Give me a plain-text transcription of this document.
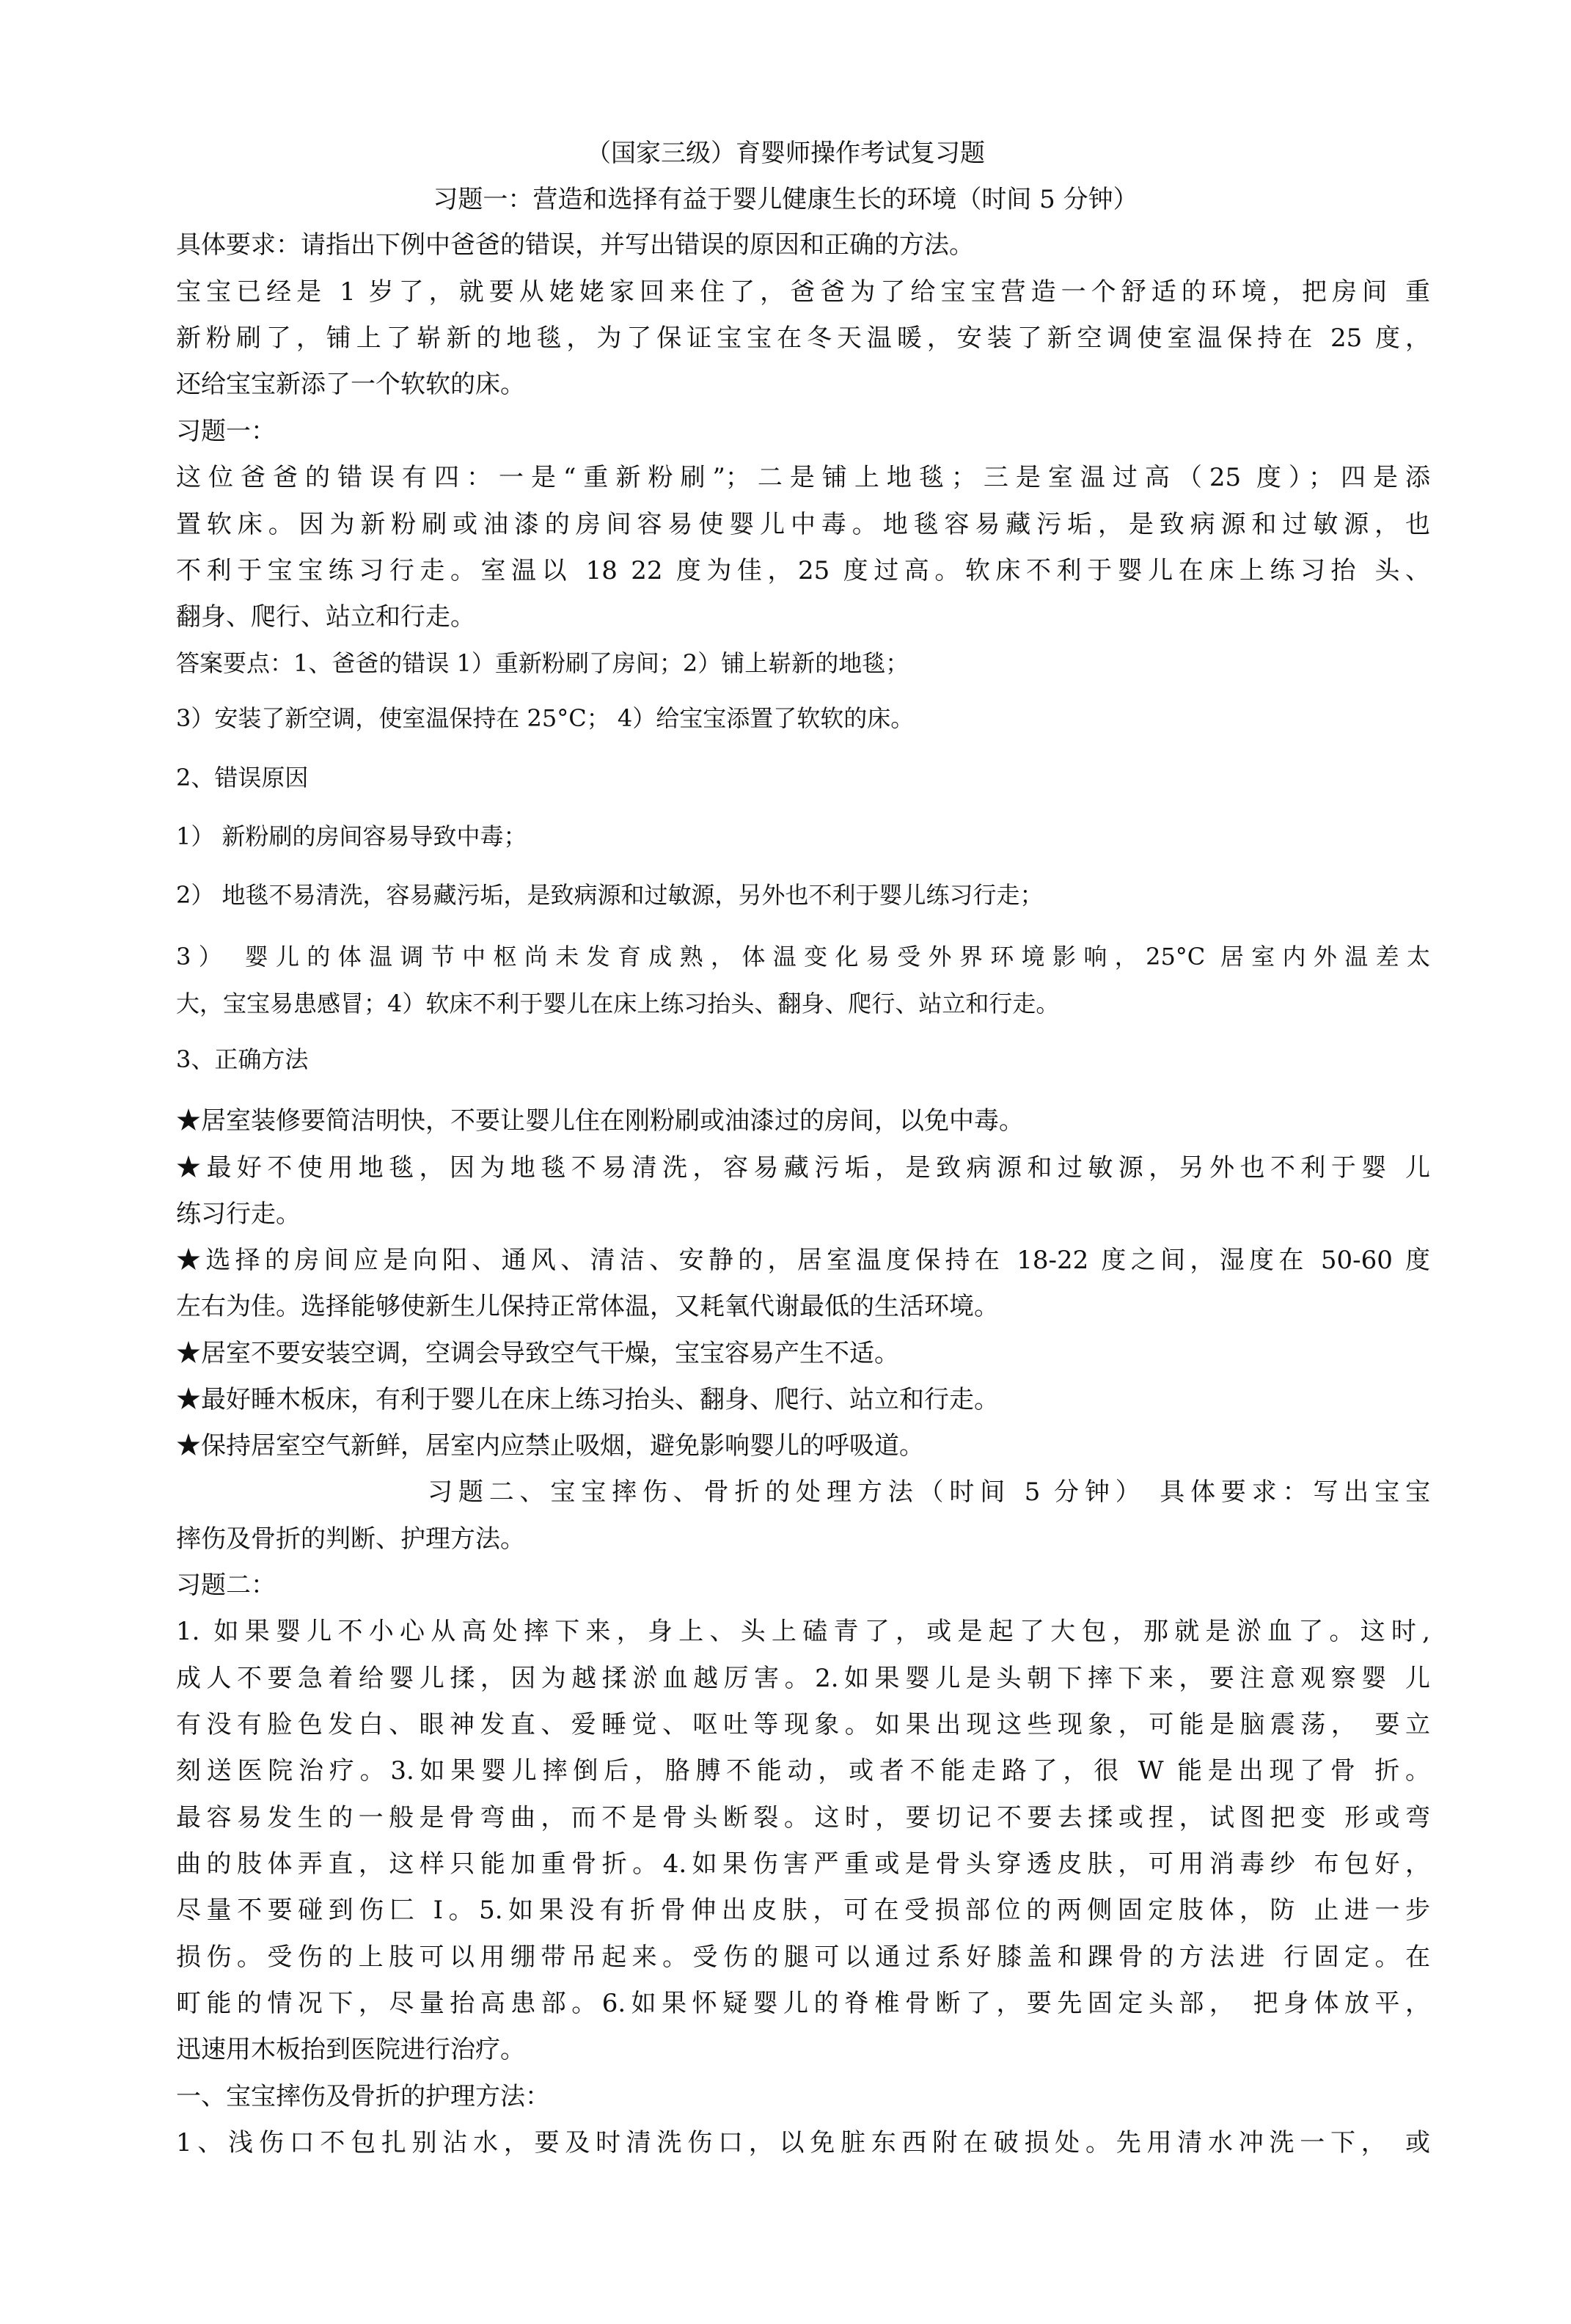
（国家三级）育婴师操作考试复习题
习题一：营造和选择有益于婴儿健康生长的环境（时间 5 分钟）
具体要求：请指出下例中爸爸的错误，并写出错误的原因和正确的方法。
宝宝已经是 1 岁了，就要从姥姥家回来住了，爸爸为了给宝宝营造一个舒适的环境，把房间 重
新粉刷了，铺上了崭新的地毯，为了保证宝宝在冬天温暖，安装了新空调使室温保持在 25 度，
还给宝宝新添了一个软软的床。
习题一：
这位爸爸的错误有四：一是“重新粉刷”；二是铺上地毯；三是室温过高（25 度）；四是添
置软床。因为新粉刷或油漆的房间容易使婴儿中毒。地毯容易藏污垢，是致病源和过敏源，也
不利于宝宝练习行走。室温以 18 22 度为佳，25 度过高。软床不利于婴儿在床上练习抬 头、
翻身、爬行、站立和行走。
答案要点：1、爸爸的错误 1）重新粉刷了房间；2）铺上崭新的地毯；
3）安装了新空调，使室温保持在 25°C； 4）给宝宝添置了软软的床。
2、错误原因
1） 新粉刷的房间容易导致中毒；
2） 地毯不易清洗，容易藏污垢，是致病源和过敏源，另外也不利于婴儿练习行走；
3） 婴儿的体温调节中枢尚未发育成熟，体温变化易受外界环境影响，25°C 居室内外温差太
大，宝宝易患感冒；4）软床不利于婴儿在床上练习抬头、翻身、爬行、站立和行走。
3、正确方法
★居室装修要简洁明快，不要让婴儿住在刚粉刷或油漆过的房间，以免中毒。
★最好不使用地毯，因为地毯不易清洗，容易藏污垢，是致病源和过敏源，另外也不利于婴 儿
练习行走。
★选择的房间应是向阳、通风、清洁、安静的，居室温度保持在 18-22 度之间，湿度在 50-60 度
左右为佳。选择能够使新生儿保持正常体温，又耗氧代谢最低的生活环境。
★居室不要安装空调，空调会导致空气干燥，宝宝容易产生不适。
★最好睡木板床，有利于婴儿在床上练习抬头、翻身、爬行、站立和行走。
★保持居室空气新鲜，居室内应禁止吸烟，避免影响婴儿的呼吸道。
习题二、宝宝摔伤、骨折的处理方法（时间 5 分钟） 具体要求：写出宝宝
摔伤及骨折的判断、护理方法。
习题二：
1. 如果婴儿不小心从高处摔下来，身上、头上磕青了，或是起了大包，那就是淤血了。这时,
成人不要急着给婴儿揉，因为越揉淤血越厉害。2.如果婴儿是头朝下摔下来，要注意观察婴 儿
有没有脸色发白、眼神发直、爱睡觉、呕吐等现象。如果出现这些现象，可能是脑震荡， 要立
刻送医院治疗。3.如果婴儿摔倒后，胳膊不能动，或者不能走路了，很 W 能是出现了骨 折。
最容易发生的一般是骨弯曲，而不是骨头断裂。这时，要切记不要去揉或捏，试图把变 形或弯
曲的肢体弄直，这样只能加重骨折。4.如果伤害严重或是骨头穿透皮肤，可用消毒纱 布包好，
尽量不要碰到伤匚 I。5.如果没有折骨伸出皮肤，可在受损部位的两侧固定肢体，防 止进一步
损伤。受伤的上肢可以用绷带吊起来。受伤的腿可以通过系好膝盖和踝骨的方法进 行固定。在
町能的情况下，尽量抬高患部。6.如果怀疑婴儿的脊椎骨断了，要先固定头部， 把身体放平，
迅速用木板抬到医院进行治疗。
一、宝宝摔伤及骨折的护理方法：
1、浅伤口不包扎别沾水，要及时清洗伤口，以免脏东西附在破损处。先用清水冲洗一下， 或
